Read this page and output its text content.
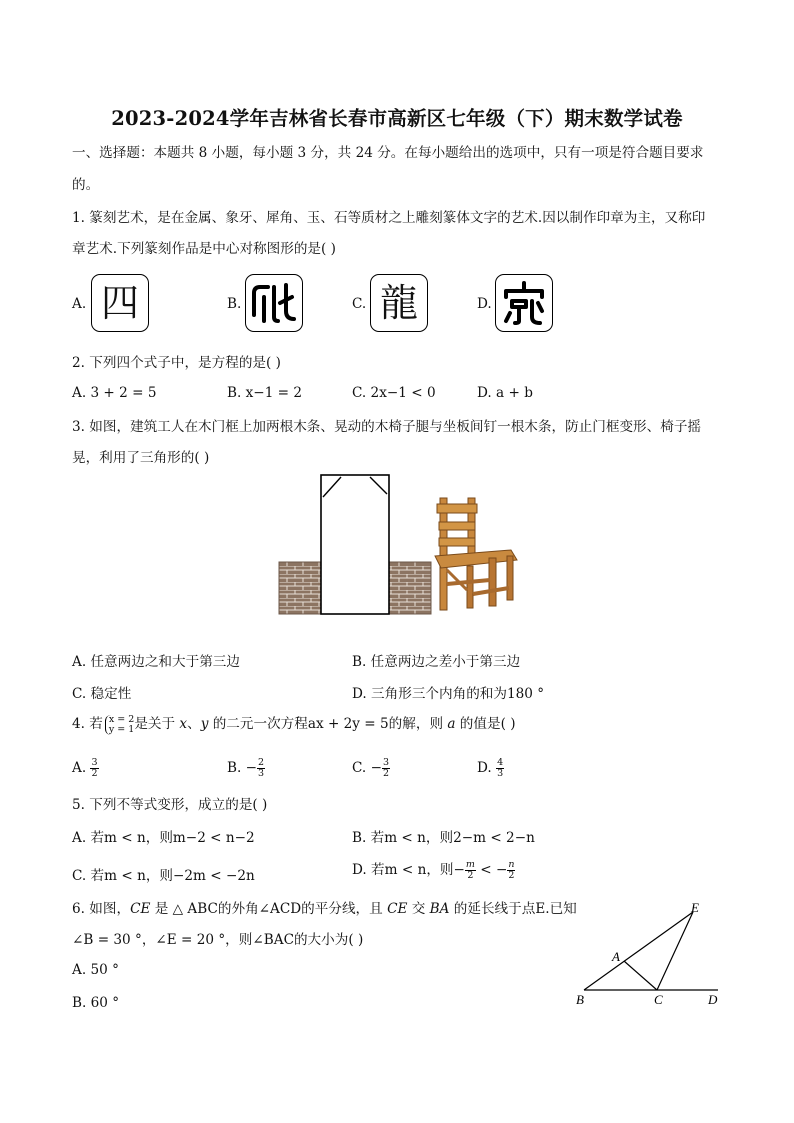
2023-2024学年吉林省长春市高新区七年级（下）期末数学试卷
一、选择题：本题共 8 小题，每小题 3 分，共 24 分。在每小题给出的选项中，只有一项是符合题目要求
的。
1. 篆刻艺术，是在金属、象牙、犀角、玉、石等质材之上雕刻篆体文字的艺术.因以制作印章为主，又称印
章艺术.下列篆刻作品是中心对称图形的是( )
A. 四	B.	C. 龍	D.
2. 下列四个式子中，是方程的是( )
A. 3 + 2 = 5	B. x−1 = 2	C. 2x−1 < 0	D. a + b
3. 如图，建筑工人在木门框上加两根木条、晃动的木椅子腿与坐板间钉一根木条，防止门框变形、椅子摇
晃，利用了三角形的( )
A. 任意两边之和大于第三边	B. 任意两边之差小于第三边
C. 稳定性	D. 三角形三个内角的和为180 °
4. 若 x = 2
y = 1 是关于 x、y 的二元一次方程ax + 2y = 5的解，则 a 的值是( )
A. $\frac{3}{2}$	B. − $\frac{2}{3}$	C. − $\frac{3}{2}$	D. $\frac{4}{3}$
5. 下列不等式变形，成立的是( )
A. 若m < n，则m−2 < n−2	B. 若m < n，则2−m < 2−n
C. 若m < n，则−2m < −2n	D. 若m < n，则− $\frac{m}{2}$ < − $\frac{n}{2}$
6. 如图，CE 是 △ ABC的外角∠ACD的平分线，且 CE 交 BA 的延长线于点E.已知
∠B = 30 °，∠E = 20 °，则∠BAC的大小为( )
A. 50 °
B. 60 °
E
A
B	C	D
